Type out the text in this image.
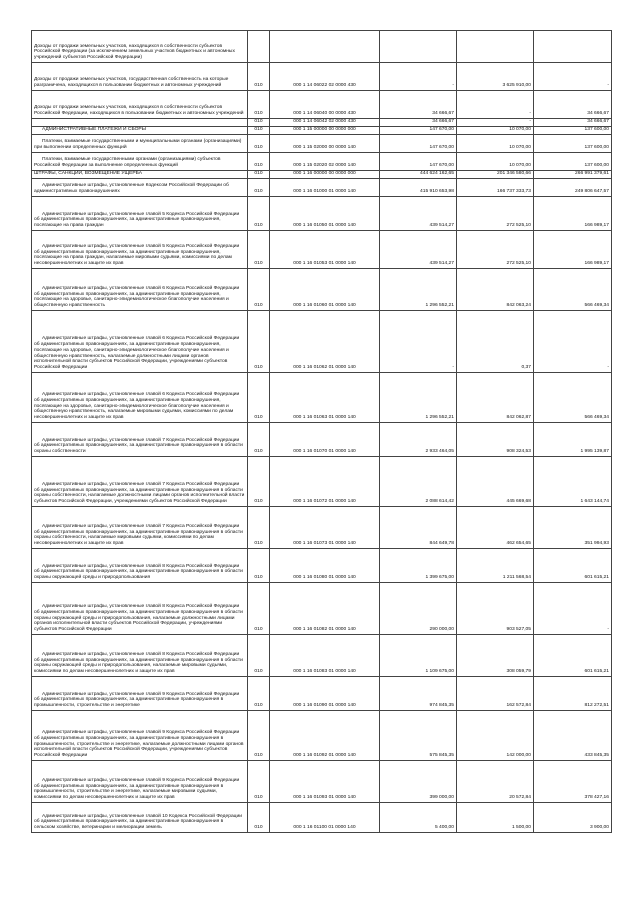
Доходы от продажи земельных участков, находящихся в собственности субъектов Российской Федерации (за исключением земельных участков бюджетных и автономных учреждений субъектов Российской Федерации)					
Доходы от продажи земельных участков, государственная собственность на которые разграничена, находящихся в пользовании бюджетных и автономных учреждений	010	000 1 14 06022 02 0000 430	-	3 625 910,00	-
Доходы от продажи земельных участков, находящихся в собственности субъектов Российской Федерации, находящихся в пользовании бюджетных и автономных учреждений	010	000 1 14 06040 00 0000 430	34 666,67	-	34 666,67
	010	000 1 14 06042 02 0000 430	34 666,67	-	34 666,67
АДМИНИСТРАТИВНЫЕ ПЛАТЕЖИ И СБОРЫ	010	000 1 15 00000 00 0000 000	147 670,00	10 070,00	137 600,00
Платежи, взимаемые государственными и муниципальными органами (организациями) при выполнении определенных функций	010	000 1 15 02000 00 0000 140	147 670,00	10 070,00	137 600,00
Платежи, взимаемые государственными органами (организациями) субъектов Российской Федерации за выполнение определенных функций	010	000 1 15 02020 02 0000 140	147 670,00	10 070,00	137 600,00
ШТРАФЫ, САНКЦИИ, ВОЗМЕЩЕНИЕ УЩЕРБА	010	000 1 16 00000 00 0000 000	444 624 162,65	201 346 580,66	266 991 379,61
Административные штрафы, установленные Кодексом Российской Федерации об административных правонарушениях	010	000 1 16 01000 01 0000 140	415 910 653,98	166 737 333,73	249 806 647,57
Административные штрафы, установленные главой 5 Кодекса Российской Федерации об административных правонарушениях, за административные правонарушения, посягающие на права граждан	010	000 1 16 01050 01 0000 140	439 514,27	272 525,10	166 989,17
Административные штрафы, установленные главой 5 Кодекса Российской Федерации об административных правонарушениях, за административные правонарушения, посягающие на права граждан, налагаемые мировыми судьями, комиссиями по делам несовершеннолетних и защите их прав	010	000 1 16 01053 01 0000 140	439 514,27	272 525,10	166 989,17
Административные штрафы, установленные главой 6 Кодекса Российской Федерации об административных правонарушениях, за административные правонарушения, посягающие на здоровье, санитарно-эпидемиологическое благополучие населения и общественную нравственность	010	000 1 16 01060 01 0000 140	1 296 552,21	842 063,24	566 469,34
Административные штрафы, установленные главой 6 Кодекса Российской Федерации об административных правонарушениях, за административные правонарушения, посягающие на здоровье, санитарно-эпидемиологическое благополучие населения и общественную нравственность, налагаемые должностными лицами органов исполнительной власти субъектов Российской Федерации, учреждениями субъектов Российской Федерации	010	000 1 16 01062 01 0000 140	-	0,37	-
Административные штрафы, установленные главой 6 Кодекса Российской Федерации об административных правонарушениях, за административные правонарушения, посягающие на здоровье, санитарно-эпидемиологическое благополучие населения и общественную нравственность, налагаемые мировыми судьями, комиссиями по делам несовершеннолетних и защите их прав	010	000 1 16 01063 01 0000 140	1 296 552,21	842 062,87	566 469,34
Административные штрафы, установленные главой 7 Кодекса Российской Федерации об административных правонарушениях, за административные правонарушения в области охраны собственности	010	000 1 16 01070 01 0000 140	2 933 464,05	908 324,53	1 995 139,87
Административные штрафы, установленные главой 7 Кодекса Российской Федерации об административных правонарушениях, за административные правонарушения в области охраны собственности, налагаемые должностными лицами органов исполнительной власти субъектов Российской Федерации, учреждениями субъектов Российской Федерации	010	000 1 16 01072 01 0000 140	2 088 614,42	445 669,68	1 643 144,74
Административные штрафы, установленные главой 7 Кодекса Российской Федерации об административных правонарушениях, за административные правонарушения в области охраны собственности, налагаемые мировыми судьями, комиссиями по делам несовершеннолетних и защите их прав	010	000 1 16 01073 01 0000 140	844 649,78	462 654,65	351 994,93
Административные штрафы, установленные главой 8 Кодекса Российской Федерации об административных правонарушениях, за административные правонарушения в области охраны окружающей среды и природопользования	010	000 1 16 01080 01 0000 140	1 399 675,00	1 211 568,54	601 615,21
Административные штрафы, установленные главой 8 Кодекса Российской Федерации об административных правонарушениях, за административные правонарушения в области охраны окружающей среды и природопользования, налагаемые должностными лицами органов исполнительной власти субъектов Российской Федерации, учреждениями субъектов Российской Федерации	010	000 1 16 01082 01 0000 140	290 000,00	903 527,05	-
Административные штрафы, установленные главой 8 Кодекса Российской Федерации об административных правонарушениях, за административные правонарушения в области охраны окружающей среды и природопользования, налагаемые мировыми судьями, комиссиями по делам несовершеннолетних и защите их прав	010	000 1 16 01083 01 0000 140	1 109 675,00	308 059,79	601 615,21
Административные штрафы, установленные главой 9 Кодекса Российской Федерации об административных правонарушениях, за административные правонарушения в промышленности, строительстве и энергетике	010	000 1 16 01090 01 0000 140	974 845,35	162 572,84	812 272,51
Административные штрафы, установленные главой 9 Кодекса Российской Федерации об административных правонарушениях, за административные правонарушения в промышленности, строительстве и энергетике, налагаемые должностными лицами органов исполнительной власти субъектов Российской Федерации, учреждениями субъектов Российской Федерации	010	000 1 16 01092 01 0000 140	575 845,35	142 000,00	433 845,35
Административные штрафы, установленные главой 9 Кодекса Российской Федерации об административных правонарушениях, за административные правонарушения в промышленности, строительстве и энергетике, налагаемые мировыми судьями, комиссиями по делам несовершеннолетних и защите их прав	010	000 1 16 01093 01 0000 140	399 000,00	20 572,84	378 427,16
Административные штрафы, установленные главой 10 Кодекса Российской Федерации об административных правонарушениях, за административные правонарушения в сельском хозяйстве, ветеринарии и мелиорации земель	010	000 1 16 01100 01 0000 140	5 400,00	1 500,00	3 900,00
